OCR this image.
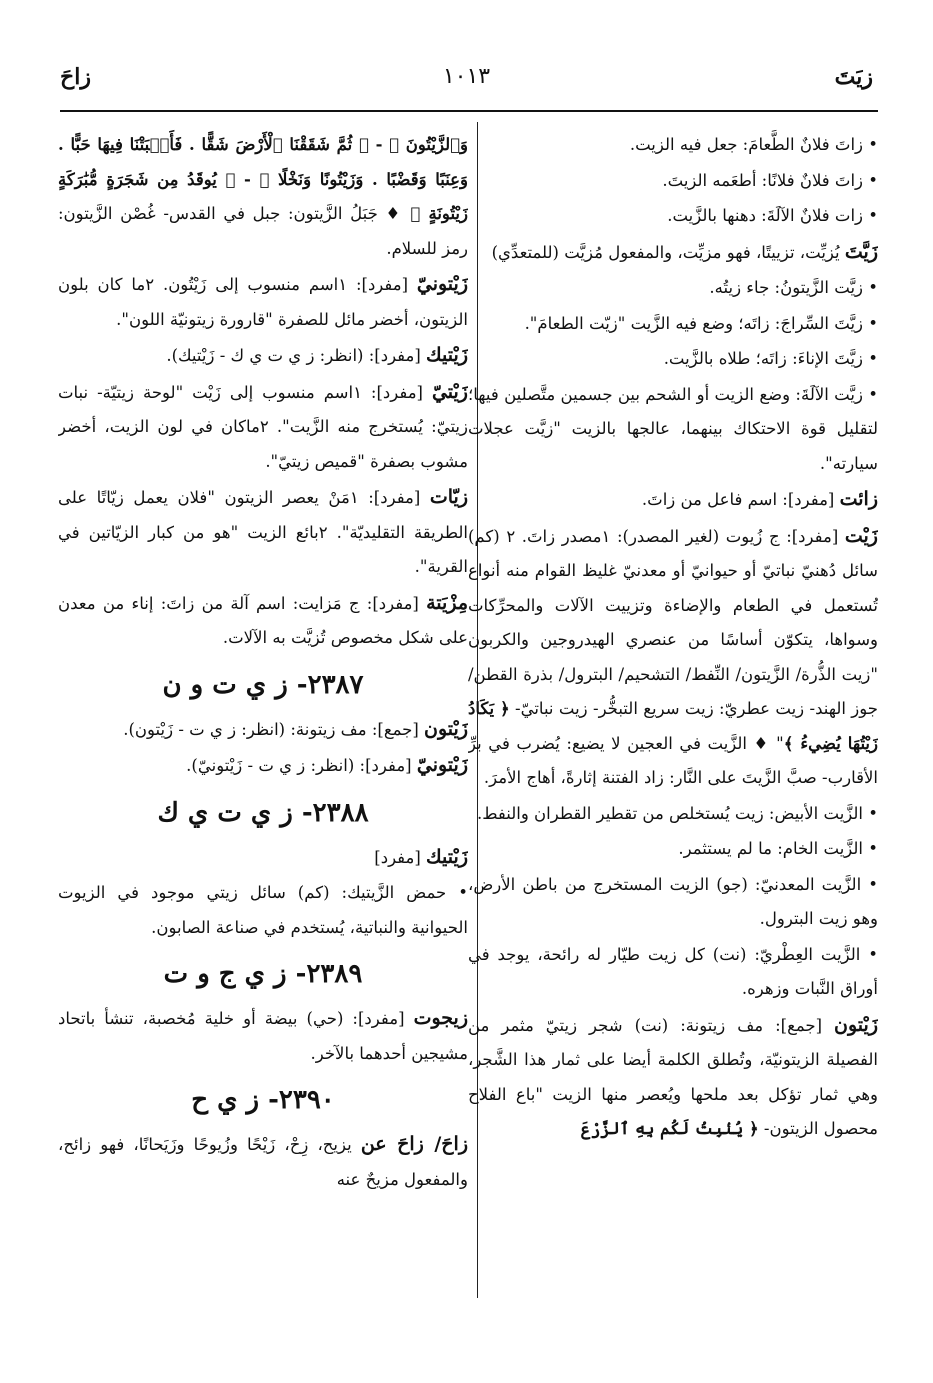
زيَتَ
١٠١٣
زاحَ
• زاتَ فلانٌ الطَّعامَ: جعل فيه الزيت.
• زاتَ فلانٌ فلانًا: أطعَمه الزيتَ.
• زات فلانٌ الآلَةَ: دهنها بالزَّيت.
زَيَّتَ يُزيِّت، تزييتًا، فهو مزيِّت، والمفعول مُزيَّت (للمتعدِّي)
• زيَّت الزَّيتونُ: جاء زيتُه.
• زيَّتَ السِّراجَ: زاتَه؛ وضع فيه الزَّيت "زيّت الطعامَ".
• زيَّتَ الإناءَ: زاتَه؛ طلاه بالزَّيت.
• زيَّت الآلَةَ: وضع الزيت أو الشحم بين جسمين متَّصلين فيها؛ لتقليل قوة الاحتكاك بينهما، عالجها بالزيت "زيَّت عجلات سيارته".
زائت [مفرد]: اسم فاعل من زاتَ.
زَيْت [مفرد]: ج زُيوت (لغير المصدر): ١مصدر زاتَ. ٢ (كم) سائل دُهنيّ نباتيّ أو حيوانيّ أو معدنيّ غليظ القوام منه أنواع تُستعمل في الطعام والإضاءة وتزييت الآلات والمحرِّكات وسواها، يتكوّن أساسًا من عنصري الهيدروجين والكربون "زيت الذُّرة/ الزَّيتون/ النِّفط/ التشحيم/ البترول/ بذرة القطن/ جوز الهند- زيت عطريّ: زيت سريع التبخُّر- زيت نباتيّ- ﴿ يَكَادُ زَيْتُهَا يُضِيءُ ﴾" ♦ الزَّيت في العجين لا يضيع: يُضرب في برِّ الأقارب- صبَّ الزَّيتَ على النَّار: زاد الفتنة إثارةً، أهاج الأمرَ.
• الزَّيت الأبيض: زيت يُستخلص من تقطير القطران والنفط.
• الزَّيت الخام: ما لم يستثمر.
• الزَّيت المعدنيّ: (جو) الزيت المستخرج من باطن الأرض، وهو زيت البترول.
• الزَّيت العِطْريّ: (نت) كل زيت طيّار له رائحة، يوجد في أوراق النَّبات وزهره.
زَيْتون [جمع]: مف زيتونة: (نت) شجر زيتيّ مثمر من الفصيلة الزيتونيّة، وتُطلق الكلمة أيضا على ثمار هذا الشَّجر، وهي ثمار تؤكل بعد ملحها ويُعصر منها الزيت "باع الفلاح محصول الزيتون- ﴿ يُنۢبِتُ لَكُم بِهِ ٱلزَّرْعَ
وَٱلزَّيْتُونَ ﴾ - ﴿ ثُمَّ شَقَقْنَا ٱلْأَرْضَ شَقًّا . فَأَنۢبَتْنَا فِيهَا حَبًّا . وَعِنَبًا وَقَضْبًا . وَزَيْتُونًا وَنَخْلًا ﴾ - ﴿ يُوقَدُ مِن شَجَرَةٍ مُّبَٰرَكَةٍ زَيْتُونَةٍ ﴾ ♦ جَبَلُ الزَّيتون: جبل في القدس- غُصْن الزَّيتون: رمز للسلام.
زَيْتونيّ [مفرد]: ١اسم منسوب إلى زَيْتُون. ٢ما كان بلون الزيتون، أخضر مائل للصفرة "قارورة زيتونيّة اللون".
زَيْتيك [مفرد]: (انظر: ز ي ت ي ك - زَيْتيك).
زَيْتيّ [مفرد]: ١اسم منسوب إلى زَيْت "لوحة زيتيّة- نبات زيتيّ: يُستخرج منه الزَّيت". ٢ماكان في لون الزيت، أخضر مشوب بصفرة "قميص زيتيّ".
زيّات [مفرد]: ١مَنْ يعصر الزيتون "فلان يعمل زيّاتًا على الطريقة التقليديّة". ٢بائع الزيت "هو من كبار الزيّاتين في القرية".
مِزْيَتة [مفرد]: ج مَزايت: اسم آلة من زاتَ: إناء من معدن على شكل مخصوص تُزيَّت به الآلات.
٢٣٨٧- ز ي ت و ن
زَيْتون [جمع]: مف زيتونة: (انظر: ز ي ت - زَيْتون).
زَيْتونيّ [مفرد]: (انظر: ز ي ت - زَيْتونيّ).
٢٣٨٨- ز ي ت ي ك
زَيْتيك [مفرد]
• حمض الزَّيتيك: (كم) سائل زيتي موجود في الزيوت الحيوانية والنباتية، يُستخدم في صناعة الصابون.
٢٣٨٩- ز ي ج و ت
زيجوت [مفرد]: (حي) بيضة أو خلية مُخصبة، تنشأ باتحاد مشيجين أحدهما بالآخر.
٢٣٩٠- ز ي ح
زاحَ/ زاحَ عن يزيح، زِحْ، زَيْحًا وزُيوحًا وزَيَحانًا، فهو زائح، والمفعول مزيحٌ عنه
